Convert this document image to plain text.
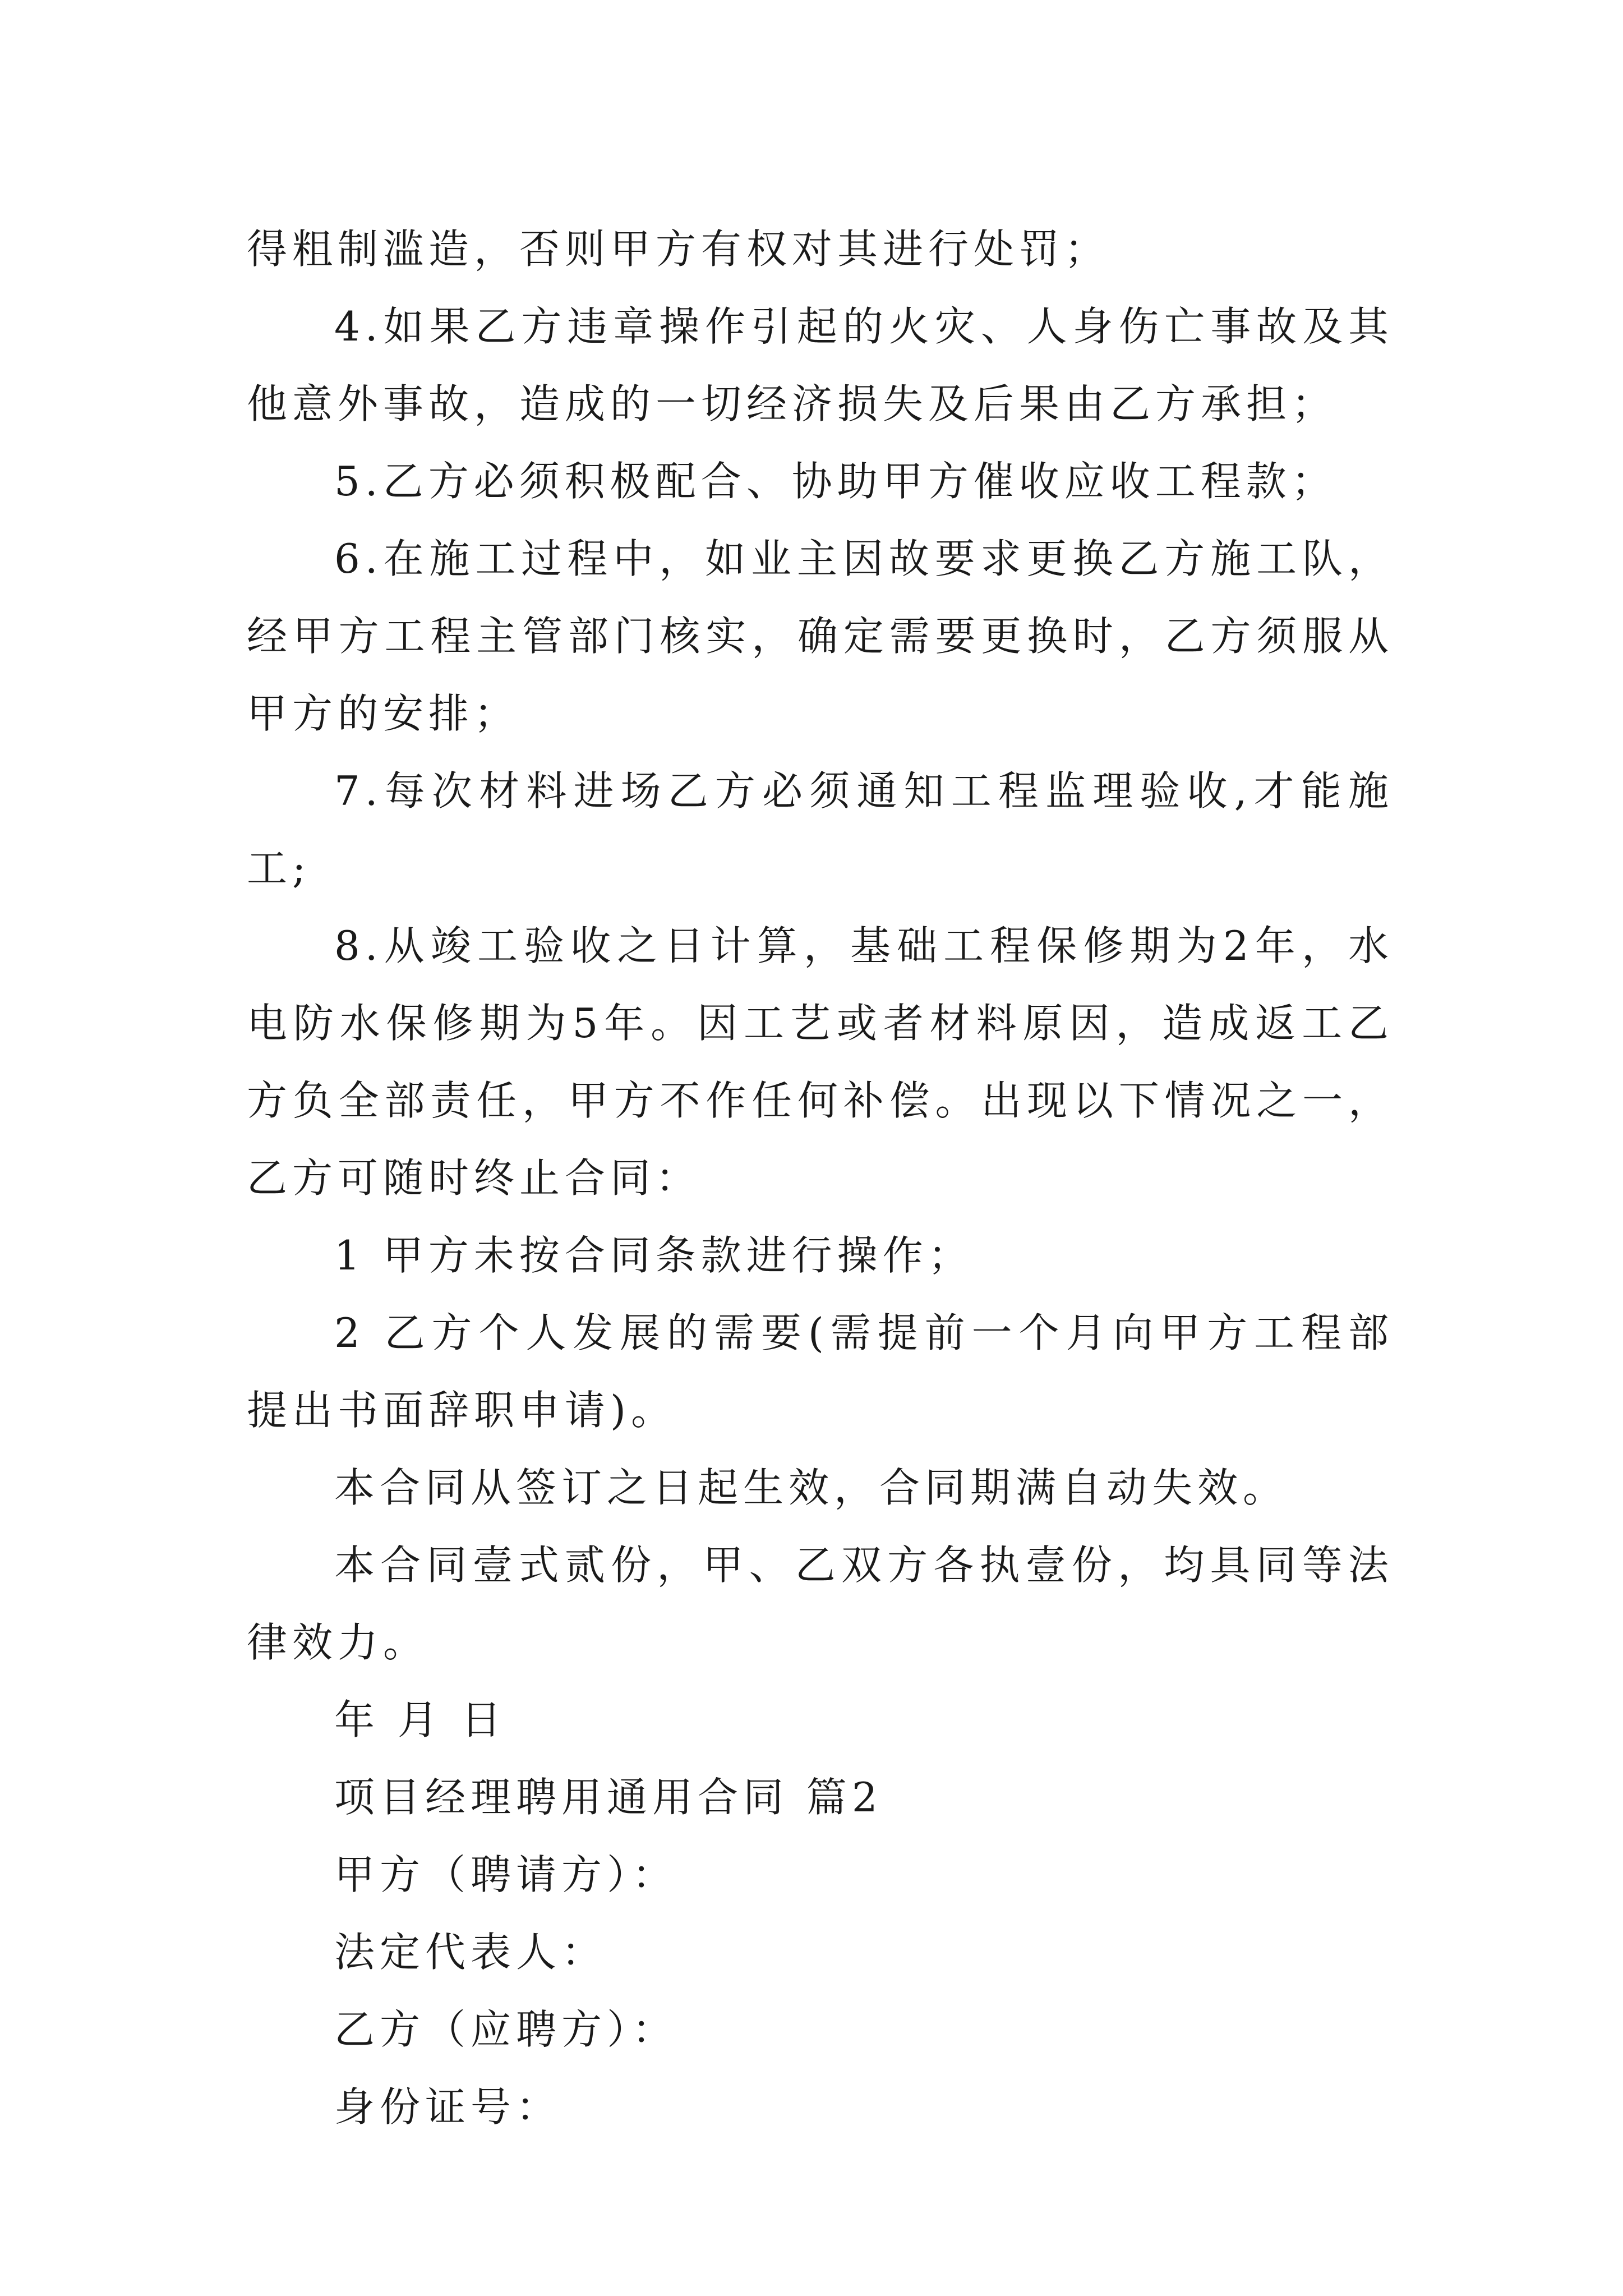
得粗制滥造，否则甲方有权对其进行处罚；

4.如果乙方违章操作引起的火灾、人身伤亡事故及其他意外事故，造成的一切经济损失及后果由乙方承担；

5.乙方必须积极配合、协助甲方催收应收工程款；

6.在施工过程中，如业主因故要求更换乙方施工队，经甲方工程主管部门核实，确定需要更换时，乙方须服从甲方的安排；

7.每次材料进场乙方必须通知工程监理验收,才能施工;

8.从竣工验收之日计算，基础工程保修期为2年，水电防水保修期为5年。因工艺或者材料原因，造成返工乙方负全部责任，甲方不作任何补偿。出现以下情况之一，乙方可随时终止合同：

1 甲方未按合同条款进行操作；

2 乙方个人发展的需要(需提前一个月向甲方工程部提出书面辞职申请)。

本合同从签订之日起生效，合同期满自动失效。

本合同壹式贰份，甲、乙双方各执壹份，均具同等法律效力。

年 月 日

项目经理聘用通用合同 篇2

甲方（聘请方）：

法定代表人：

乙方（应聘方）：

身份证号：
